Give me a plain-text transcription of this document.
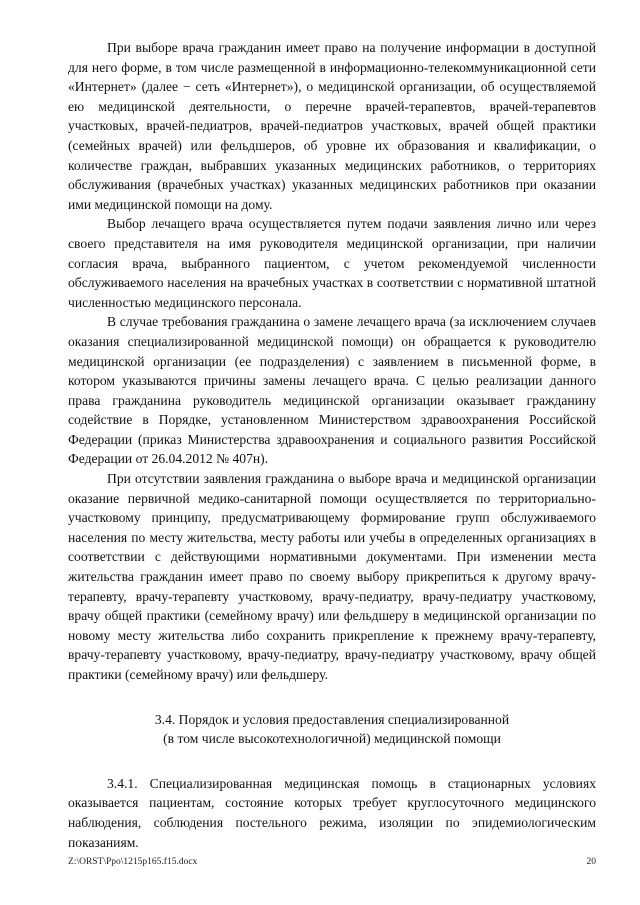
При выборе врача гражданин имеет право на получение информации в доступной для него форме, в том числе размещенной в информационно-телекоммуникационной сети «Интернет» (далее − сеть «Интернет»), о медицинской организации, об осуществляемой ею медицинской деятельности, о перечне врачей-терапевтов, врачей-терапевтов участковых, врачей-педиатров, врачей-педиатров участковых, врачей общей практики (семейных врачей) или фельдшеров, об уровне их образования и квалификации, о количестве граждан, выбравших указанных медицинских работников, о территориях обслуживания (врачебных участках) указанных медицинских работников при оказании ими медицинской помощи на дому.

Выбор лечащего врача осуществляется путем подачи заявления лично или через своего представителя на имя руководителя медицинской организации, при наличии согласия врача, выбранного пациентом, с учетом рекомендуемой численности обслуживаемого населения на врачебных участках в соответствии с нормативной штатной численностью медицинского персонала.

В случае требования гражданина о замене лечащего врача (за исключением случаев оказания специализированной медицинской помощи) он обращается к руководителю медицинской организации (ее подразделения) с заявлением в письменной форме, в котором указываются причины замены лечащего врача. С целью реализации данного права гражданина руководитель медицинской организации оказывает гражданину содействие в Порядке, установленном Министерством здравоохранения Российской Федерации (приказ Министерства здравоохранения и социального развития Российской Федерации от 26.04.2012 № 407н).

При отсутствии заявления гражданина о выборе врача и медицинской организации оказание первичной медико-санитарной помощи осуществляется по территориально-участковому принципу, предусматривающему формирование групп обслуживаемого населения по месту жительства, месту работы или учебы в определенных организациях в соответствии с действующими нормативными документами. При изменении места жительства гражданин имеет право по своему выбору прикрепиться к другому врачу-терапевту, врачу-терапевту участковому, врачу-педиатру, врачу-педиатру участковому, врачу общей практики (семейному врачу) или фельдшеру в медицинской организации по новому месту жительства либо сохранить прикрепление к прежнему врачу-терапевту, врачу-терапевту участковому, врачу-педиатру, врачу-педиатру участковому, врачу общей практики (семейному врачу) или фельдшеру.

3.4. Порядок и условия предоставления специализированной

(в том числе высокотехнологичной) медицинской помощи

3.4.1. Специализированная медицинская помощь в стационарных условиях оказывается пациентам, состояние которых требует круглосуточного медицинского наблюдения, соблюдения постельного режима, изоляции по эпидемиологическим показаниям.

Z:\ORST\Ppo\1215p165.f15.docx	20
